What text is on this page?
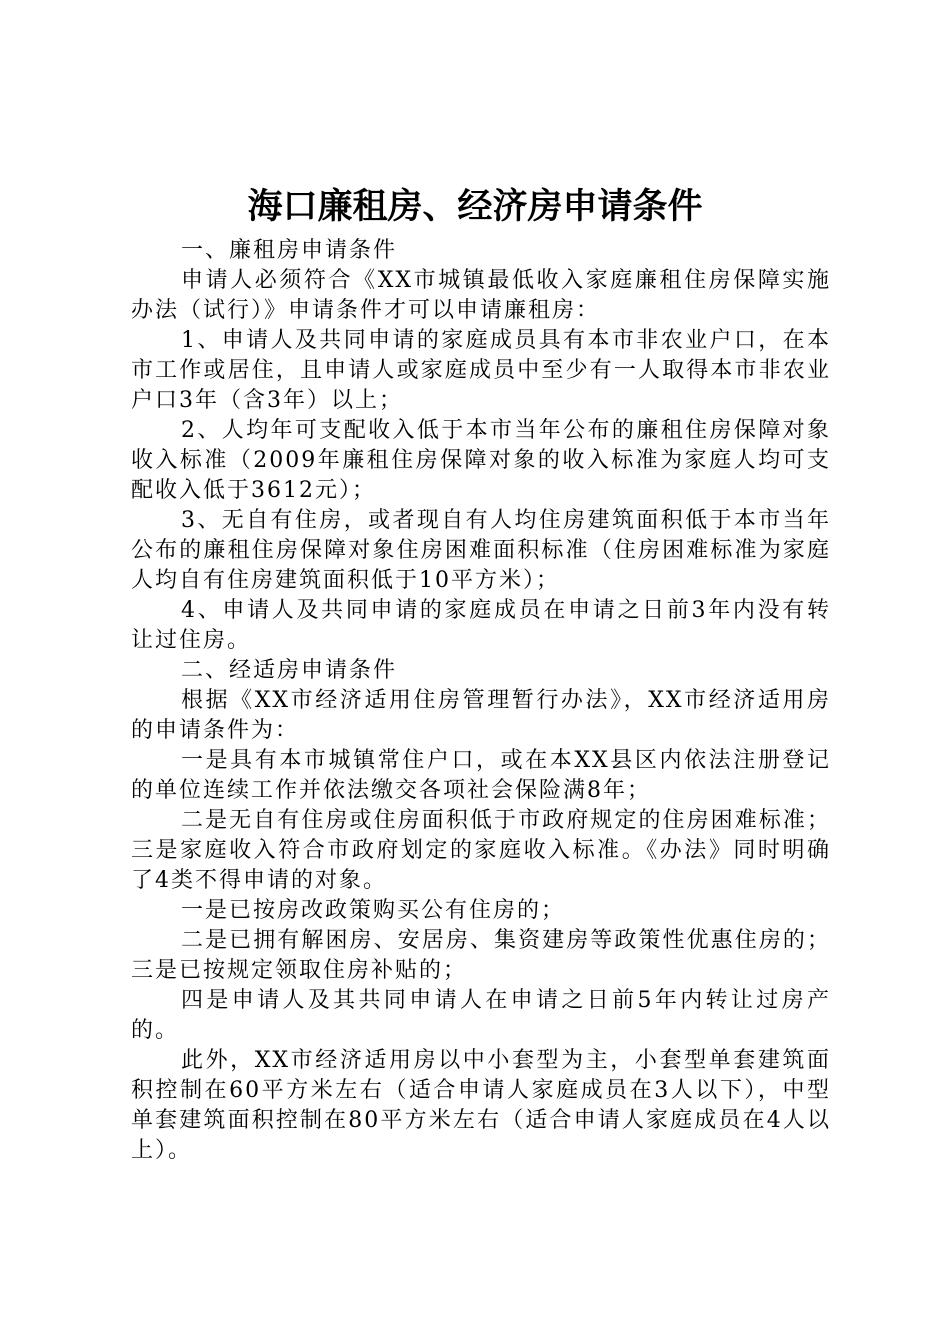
海口廉租房、经济房申请条件

一、廉租房申请条件

申请人必须符合《XX市城镇最低收入家庭廉租住房保障实施办法（试行）》申请条件才可以申请廉租房：

1、申请人及共同申请的家庭成员具有本市非农业户口，在本市工作或居住，且申请人或家庭成员中至少有一人取得本市非农业户口3年（含3年）以上；

2、人均年可支配收入低于本市当年公布的廉租住房保障对象收入标准（2009年廉租住房保障对象的收入标准为家庭人均可支配收入低于3612元）；

3、无自有住房，或者现自有人均住房建筑面积低于本市当年公布的廉租住房保障对象住房困难面积标准（住房困难标准为家庭人均自有住房建筑面积低于10平方米）；

4、申请人及共同申请的家庭成员在申请之日前3年内没有转让过住房。

二、经适房申请条件

根据《XX市经济适用住房管理暂行办法》，XX市经济适用房的申请条件为：

一是具有本市城镇常住户口，或在本XX县区内依法注册登记的单位连续工作并依法缴交各项社会保险满8年；

二是无自有住房或住房面积低于市政府规定的住房困难标准；三是家庭收入符合市政府划定的家庭收入标准。《办法》同时明确了4类不得申请的对象。

一是已按房改政策购买公有住房的；

二是已拥有解困房、安居房、集资建房等政策性优惠住房的；三是已按规定领取住房补贴的；

四是申请人及其共同申请人在申请之日前5年内转让过房产的。

此外，XX市经济适用房以中小套型为主，小套型单套建筑面积控制在60平方米左右（适合申请人家庭成员在3人以下），中型单套建筑面积控制在80平方米左右（适合申请人家庭成员在4人以上）。
